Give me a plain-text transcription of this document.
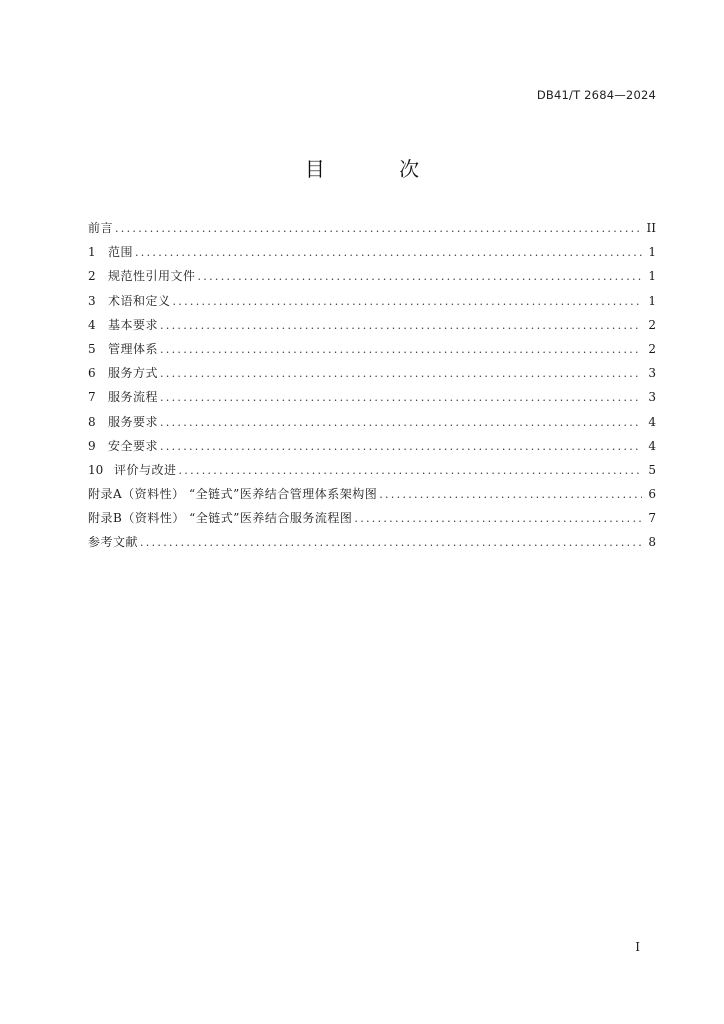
DB41/T 2684—2024
目 次
前言 . . .	II
1	范围 . . .	1
2	规范性引用文件 . . .	1
3	术语和定义 . . .	1
4	基本要求 . . .	2
5	管理体系 . . .	2
6	服务方式 . . .	3
7	服务流程 . . .	3
8	服务要求 . . .	4
9	安全要求 . . .	4
10 评价与改进 . . .	5
附录A（资料性） “全链式”医养结合管理体系架构图 . . .	6
附录B（资料性） “全链式”医养结合服务流程图 . . .	7
参考文献 . . .	8
I
